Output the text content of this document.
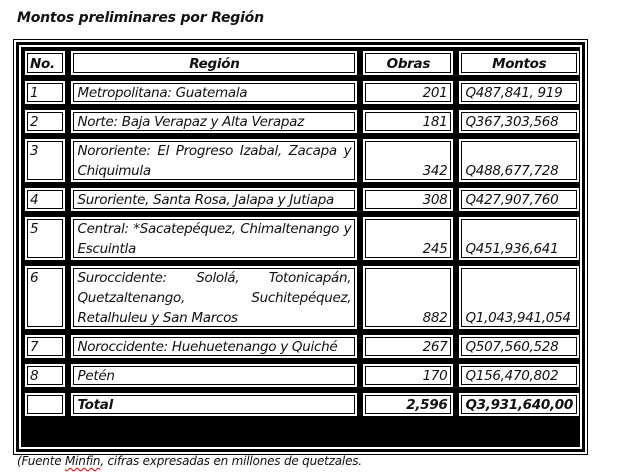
Montos preliminares por Región
No.	Región	Obras	Montos
1	Metropolitana: Guatemala	201	Q487,841, 919
2	Norte: Baja Verapaz y Alta Verapaz	181	Q367,303,568
3	Nororiente: El Progreso Izabal, Zacapa y Chiquimula	342	Q488,677,728
4	Suroriente, Santa Rosa, Jalapa y Jutiapa	308	Q427,907,760
5	Central: *Sacatepéquez, Chimaltenango y Escuintla	245	Q451,936,641
6	Suroccidente: Sololá, Totonicapán, Quetzaltenango, Suchitepéquez, Retalhuleu y San Marcos	882	Q1,043,941,054
7	Noroccidente: Huehuetenango y Quiché	267	Q507,560,528
8	Petén	170	Q156,470,802
	Total	2,596	Q3,931,640,00
(Fuente Minfin, cifras expresadas en millones de quetzales.
